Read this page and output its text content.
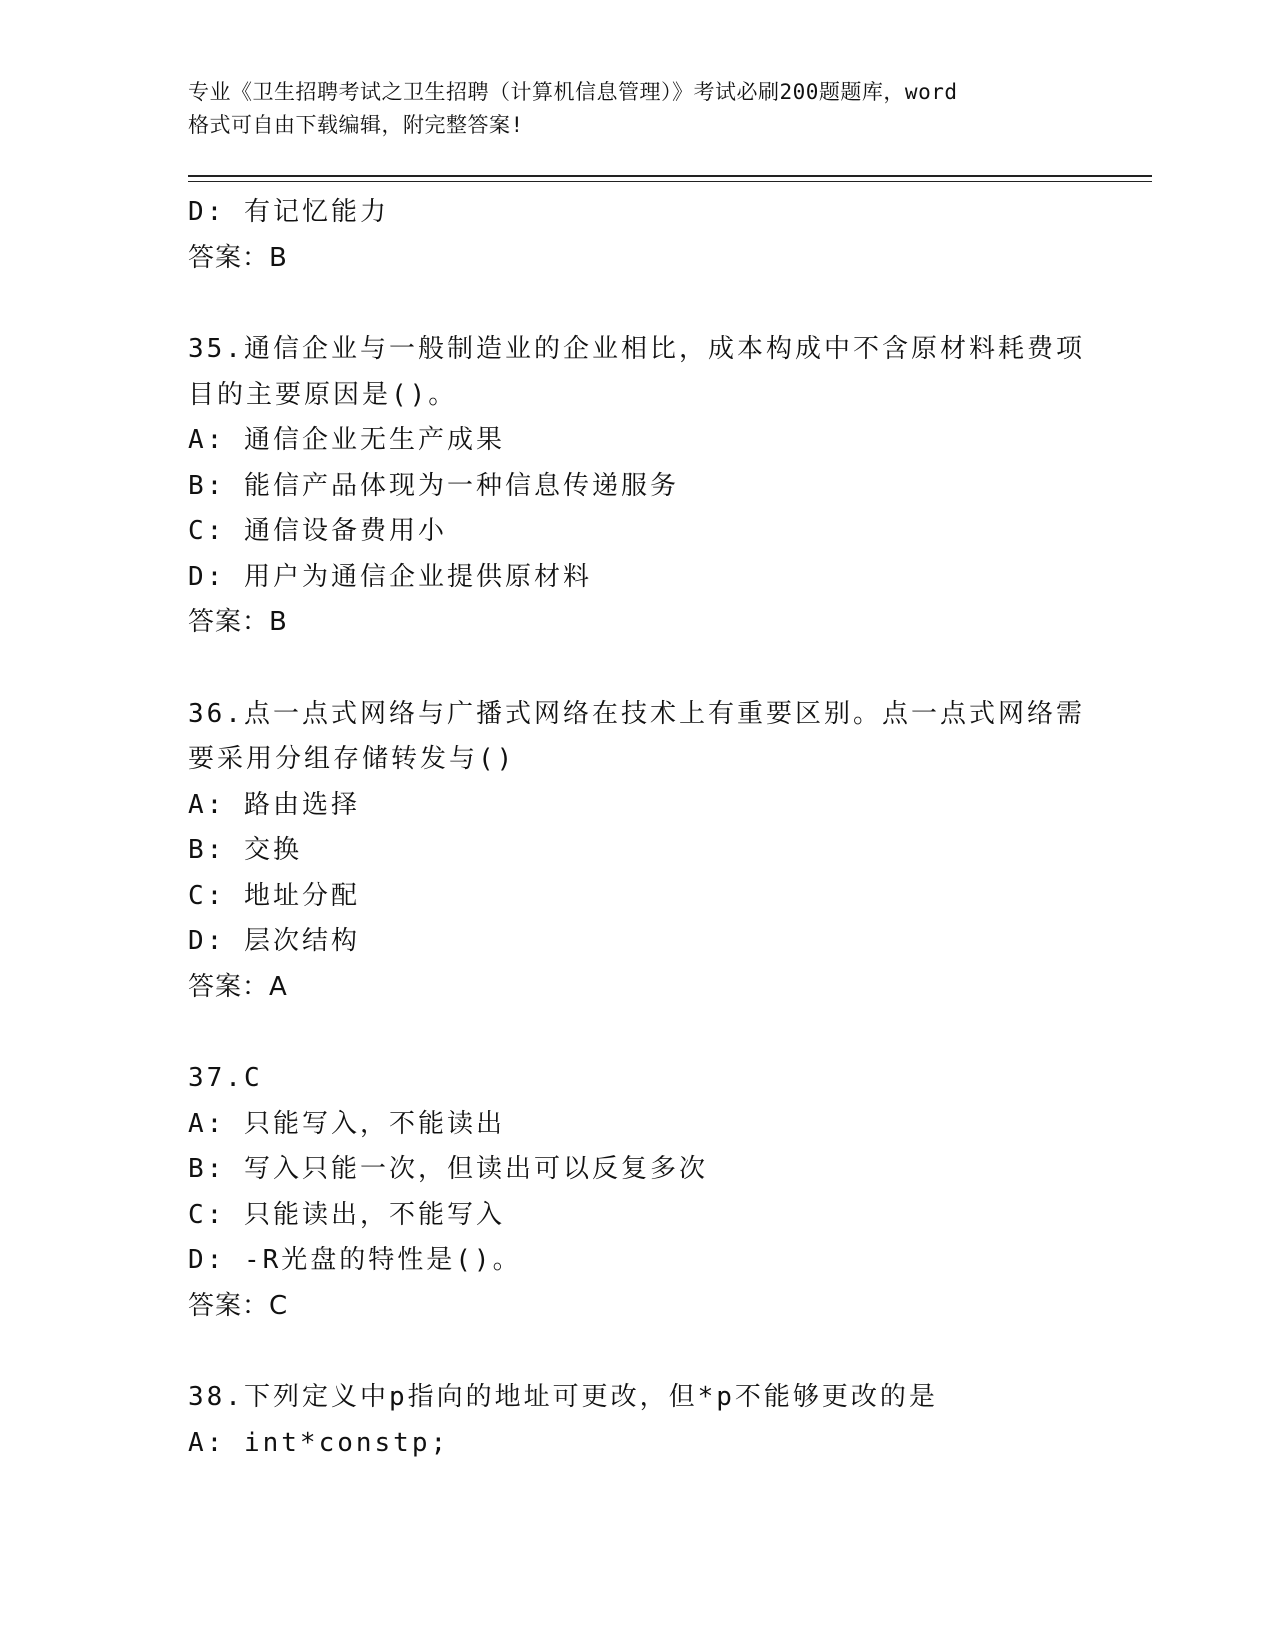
专业《卫生招聘考试之卫生招聘（计算机信息管理）》考试必刷200题题库，word
格式可自由下载编辑，附完整答案!
D: 有记忆能力
答案：B
35.通信企业与一般制造业的企业相比，成本构成中不含原材料耗费项
目的主要原因是()。
A: 通信企业无生产成果
B: 能信产品体现为一种信息传递服务
C: 通信设备费用小
D: 用户为通信企业提供原材料
答案：B
36.点一点式网络与广播式网络在技术上有重要区别。点一点式网络需
要采用分组存储转发与()
A: 路由选择
B: 交换
C: 地址分配
D: 层次结构
答案：A
37.C
A: 只能写入，不能读出
B: 写入只能一次，但读出可以反复多次
C: 只能读出，不能写入
D: -R光盘的特性是()。
答案：C
38.下列定义中p指向的地址可更改，但*p不能够更改的是
A: int*constp;
